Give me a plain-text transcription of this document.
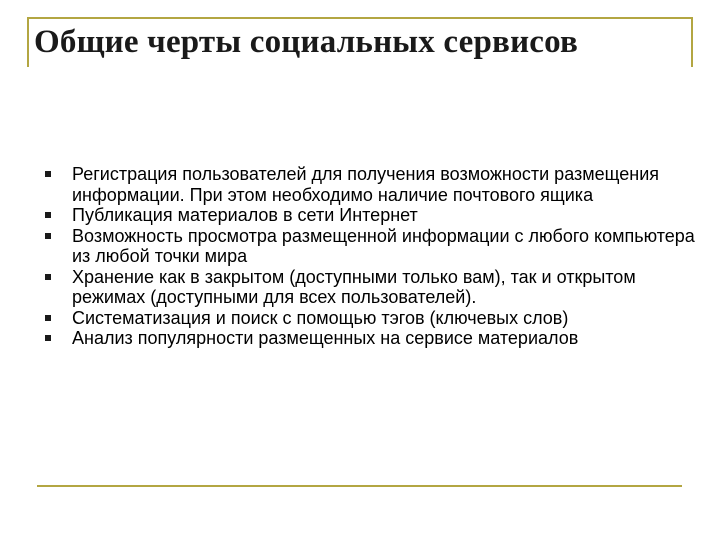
Общие черты социальных сервисов
Регистрация пользователей для получения возможности размещения информации. При этом необходимо наличие почтового ящика
Публикация материалов в сети Интернет
Возможность просмотра размещенной информации с любого компьютера из любой точки мира
Хранение как в закрытом (доступными только вам), так и открытом режимах (доступными для всех пользователей).
Систематизация и поиск с помощью тэгов (ключевых слов)
Анализ популярности размещенных на сервисе материалов
